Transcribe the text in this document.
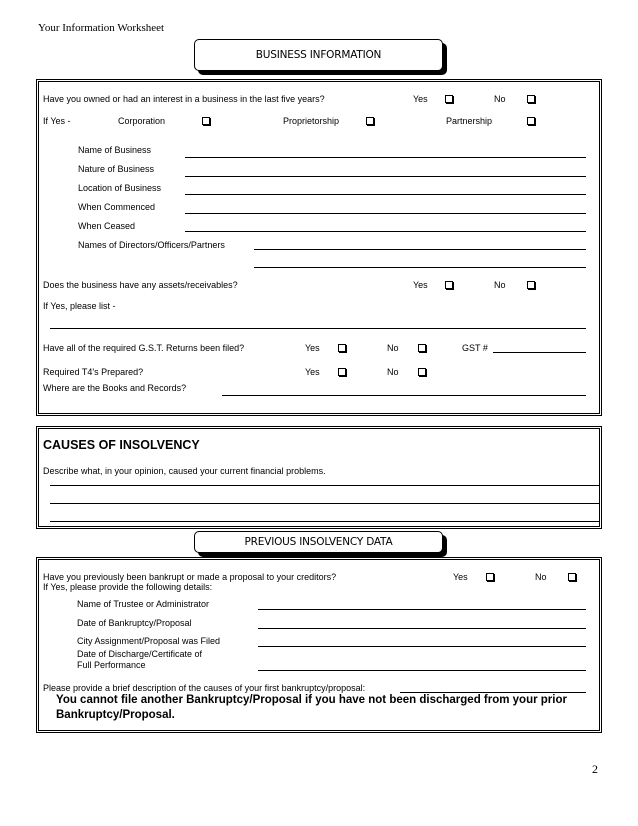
Your Information Worksheet
BUSINESS INFORMATION
Have you owned or had an interest in a business in the last five years?	Yes	No
If Yes -	Corporation	Proprietorship	Partnership
Name of Business
Nature of Business
Location of Business
When Commenced
When Ceased
Names of Directors/Officers/Partners
Does the business have any assets/receivables?	Yes	No
If Yes, please list -
Have all of the required G.S.T. Returns been filed?	Yes	No	GST #
Required T4's Prepared?	Yes	No
Where are the Books and Records?
CAUSES OF INSOLVENCY
Describe what, in your opinion, caused your current financial problems.
PREVIOUS INSOLVENCY DATA
Have you previously been bankrupt or made a proposal to your creditors?	Yes	No
If Yes, please provide the following details:
Name of Trustee or Administrator
Date of Bankruptcy/Proposal
City Assignment/Proposal was Filed
Date of Discharge/Certificate of
Full Performance
Please provide a brief description of the causes of your first bankruptcy/proposal:
You cannot file another Bankruptcy/Proposal if you have not been discharged from your prior
Bankruptcy/Proposal.
2
